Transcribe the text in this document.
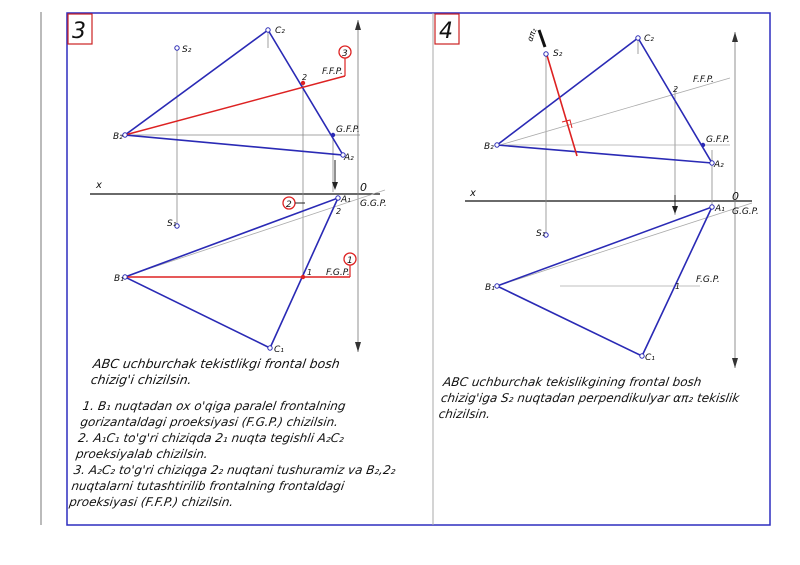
3	C₂
B₂
A₂
S₂
S₁
A₁
B₁
C₁
2
2
1
x	0
F.F.P.
G.F.P.
G.G.P.
F.G.P.
3
2
1
4	απ₂
S₂
C₂
B₂
A₂
S₁
A₁
B₁
C₁
2
1
x	0
F.F.P.
G.F.P.
G.G.P.
F.G.P.
ABC uchburchak tekistlikgi frontal bosh
chizig'i chizilsin.
1. B₁ nuqtadan ox o'qiga paralel frontalning
gorizantaldagi proeksiyasi (F.G.P.) chizilsin.
2. A₁C₁ to'g'ri chiziqda 2₁ nuqta tegishli A₂C₂
proeksiyalab chizilsin.
3. A₂C₂ to'g'ri chiziqga 2₂ nuqtani tushuramiz va B₂,2₂
nuqtalarni tutashtirilib frontalning frontaldagi
proeksiyasi (F.F.P.) chizilsin.
ABC uchburchak tekislikgining frontal bosh
chizig'iga S₂ nuqtadan perpendikulyar απ₂ tekislik
chizilsin.
